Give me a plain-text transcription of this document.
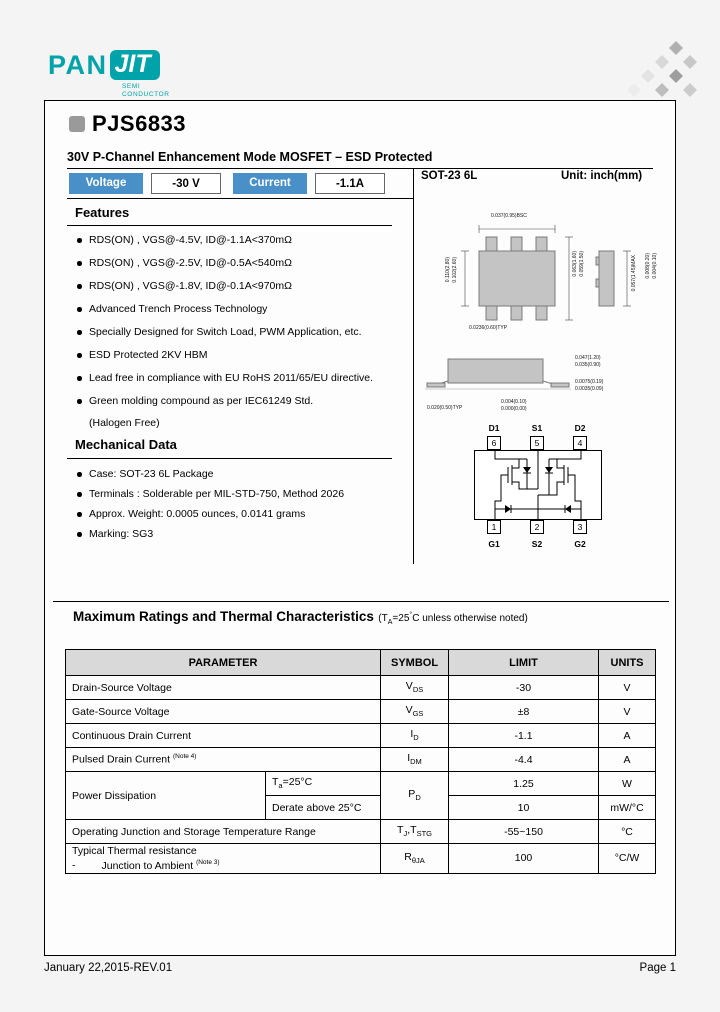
PAN JIT
SEMI
CONDUCTOR
PJS6833
30V P-Channel Enhancement Mode MOSFET – ESD Protected
Voltage	-30 V	Current	-1.1A
SOT-23 6L	Unit: inch(mm)
Features
RDS(ON) , VGS@-4.5V, ID@-1.1A<370mΩ
RDS(ON) , VGS@-2.5V, ID@-0.5A<540mΩ
RDS(ON) , VGS@-1.8V, ID@-0.1A<970mΩ
Advanced Trench Process Technology
Specially Designed for Switch Load, PWM Application, etc.
ESD Protected 2KV HBM
Lead free in compliance with EU RoHS 2011/65/EU directive.
Green molding compound as per IEC61249 Std.
(Halogen Free)
Mechanical Data
Case: SOT-23 6L Package
Terminals : Solderable per MIL-STD-750, Method 2026
Approx. Weight: 0.0005 ounces, 0.0141 grams
Marking: SG3
0.037(0.95)BSC
0.110(2.80) 0.102(2.60)	0.063(1.60) 0.059(1.50)
0.0236(0.60)TYP
0.057(1.45)MAX 0.008(0.20) 0.004(0.10)
0.047(1.20)
0.035(0.90)
0.0075(0.19)
0.0035(0.09)
0.020(0.50)TYP
0.004(0.10)
0.000(0.00)
D1	S1	D2
6	5	4
1	2	3
G1	S2	G2
Maximum Ratings and Thermal Characteristics ($T_A=25^\circ C$ unless otherwise noted)
PARAMETER		SYMBOL	LIMIT	UNITS
Drain-Source Voltage		$V_{DS}$	-30	V
Gate-Source Voltage		$V_{GS}$	±8	V
Continuous Drain Current		$I_D$	-1.1	A
Pulsed Drain Current $^{(Note 4)}$		$I_{DM}$	-4.4	A
Power Dissipation	$T_a=25^\circ C$	$P_D$	1.25	W
	Derate above 25°C		10	mW/°C
Operating Junction and Storage Temperature Range		$T_J,T_{STG}$	-55~150	°C

Typical Thermal resistance
- Junction to Ambient $^{(Note 3)}$		$R_{\theta JA}$	100	°C/W
January 22,2015-REV.01	Page 1
